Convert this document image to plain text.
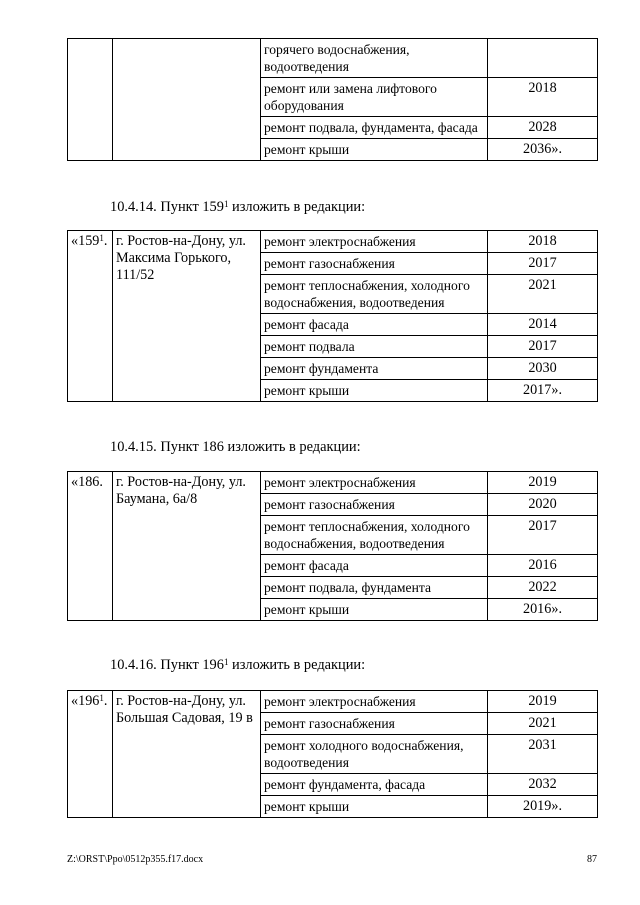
		горячего водоснабжения, водоотведения	
		ремонт или замена лифтового оборудования	2018
		ремонт подвала, фундамента, фасада	2028
		ремонт крыши	2036».
10.4.14. Пункт $159^1$ изложить в редакции:
«$159^1$.	г. Ростов-на-Дону, ул. Максима Горького, 111/52	ремонт электроснабжения	2018
		ремонт газоснабжения	2017
		ремонт теплоснабжения, холодного водоснабжения, водоотведения	2021
		ремонт фасада	2014
		ремонт подвала	2017
		ремонт фундамента	2030
		ремонт крыши	2017».
10.4.15. Пункт 186 изложить в редакции:
«186.	г. Ростов-на-Дону, ул. Баумана, 6а/8	ремонт электроснабжения	2019
		ремонт газоснабжения	2020
		ремонт теплоснабжения, холодного водоснабжения, водоотведения	2017
		ремонт фасада	2016
		ремонт подвала, фундамента	2022
		ремонт крыши	2016».
10.4.16. Пункт $196^1$ изложить в редакции:
«$196^1$.	г. Ростов-на-Дону, ул. Большая Садовая, 19 в	ремонт электроснабжения	2019
		ремонт газоснабжения	2021
		ремонт холодного водоснабжения, водоотведения	2031
		ремонт фундамента, фасада	2032
		ремонт крыши	2019».
Z:\ORST\Ppo\0512p355.f17.docx	87
